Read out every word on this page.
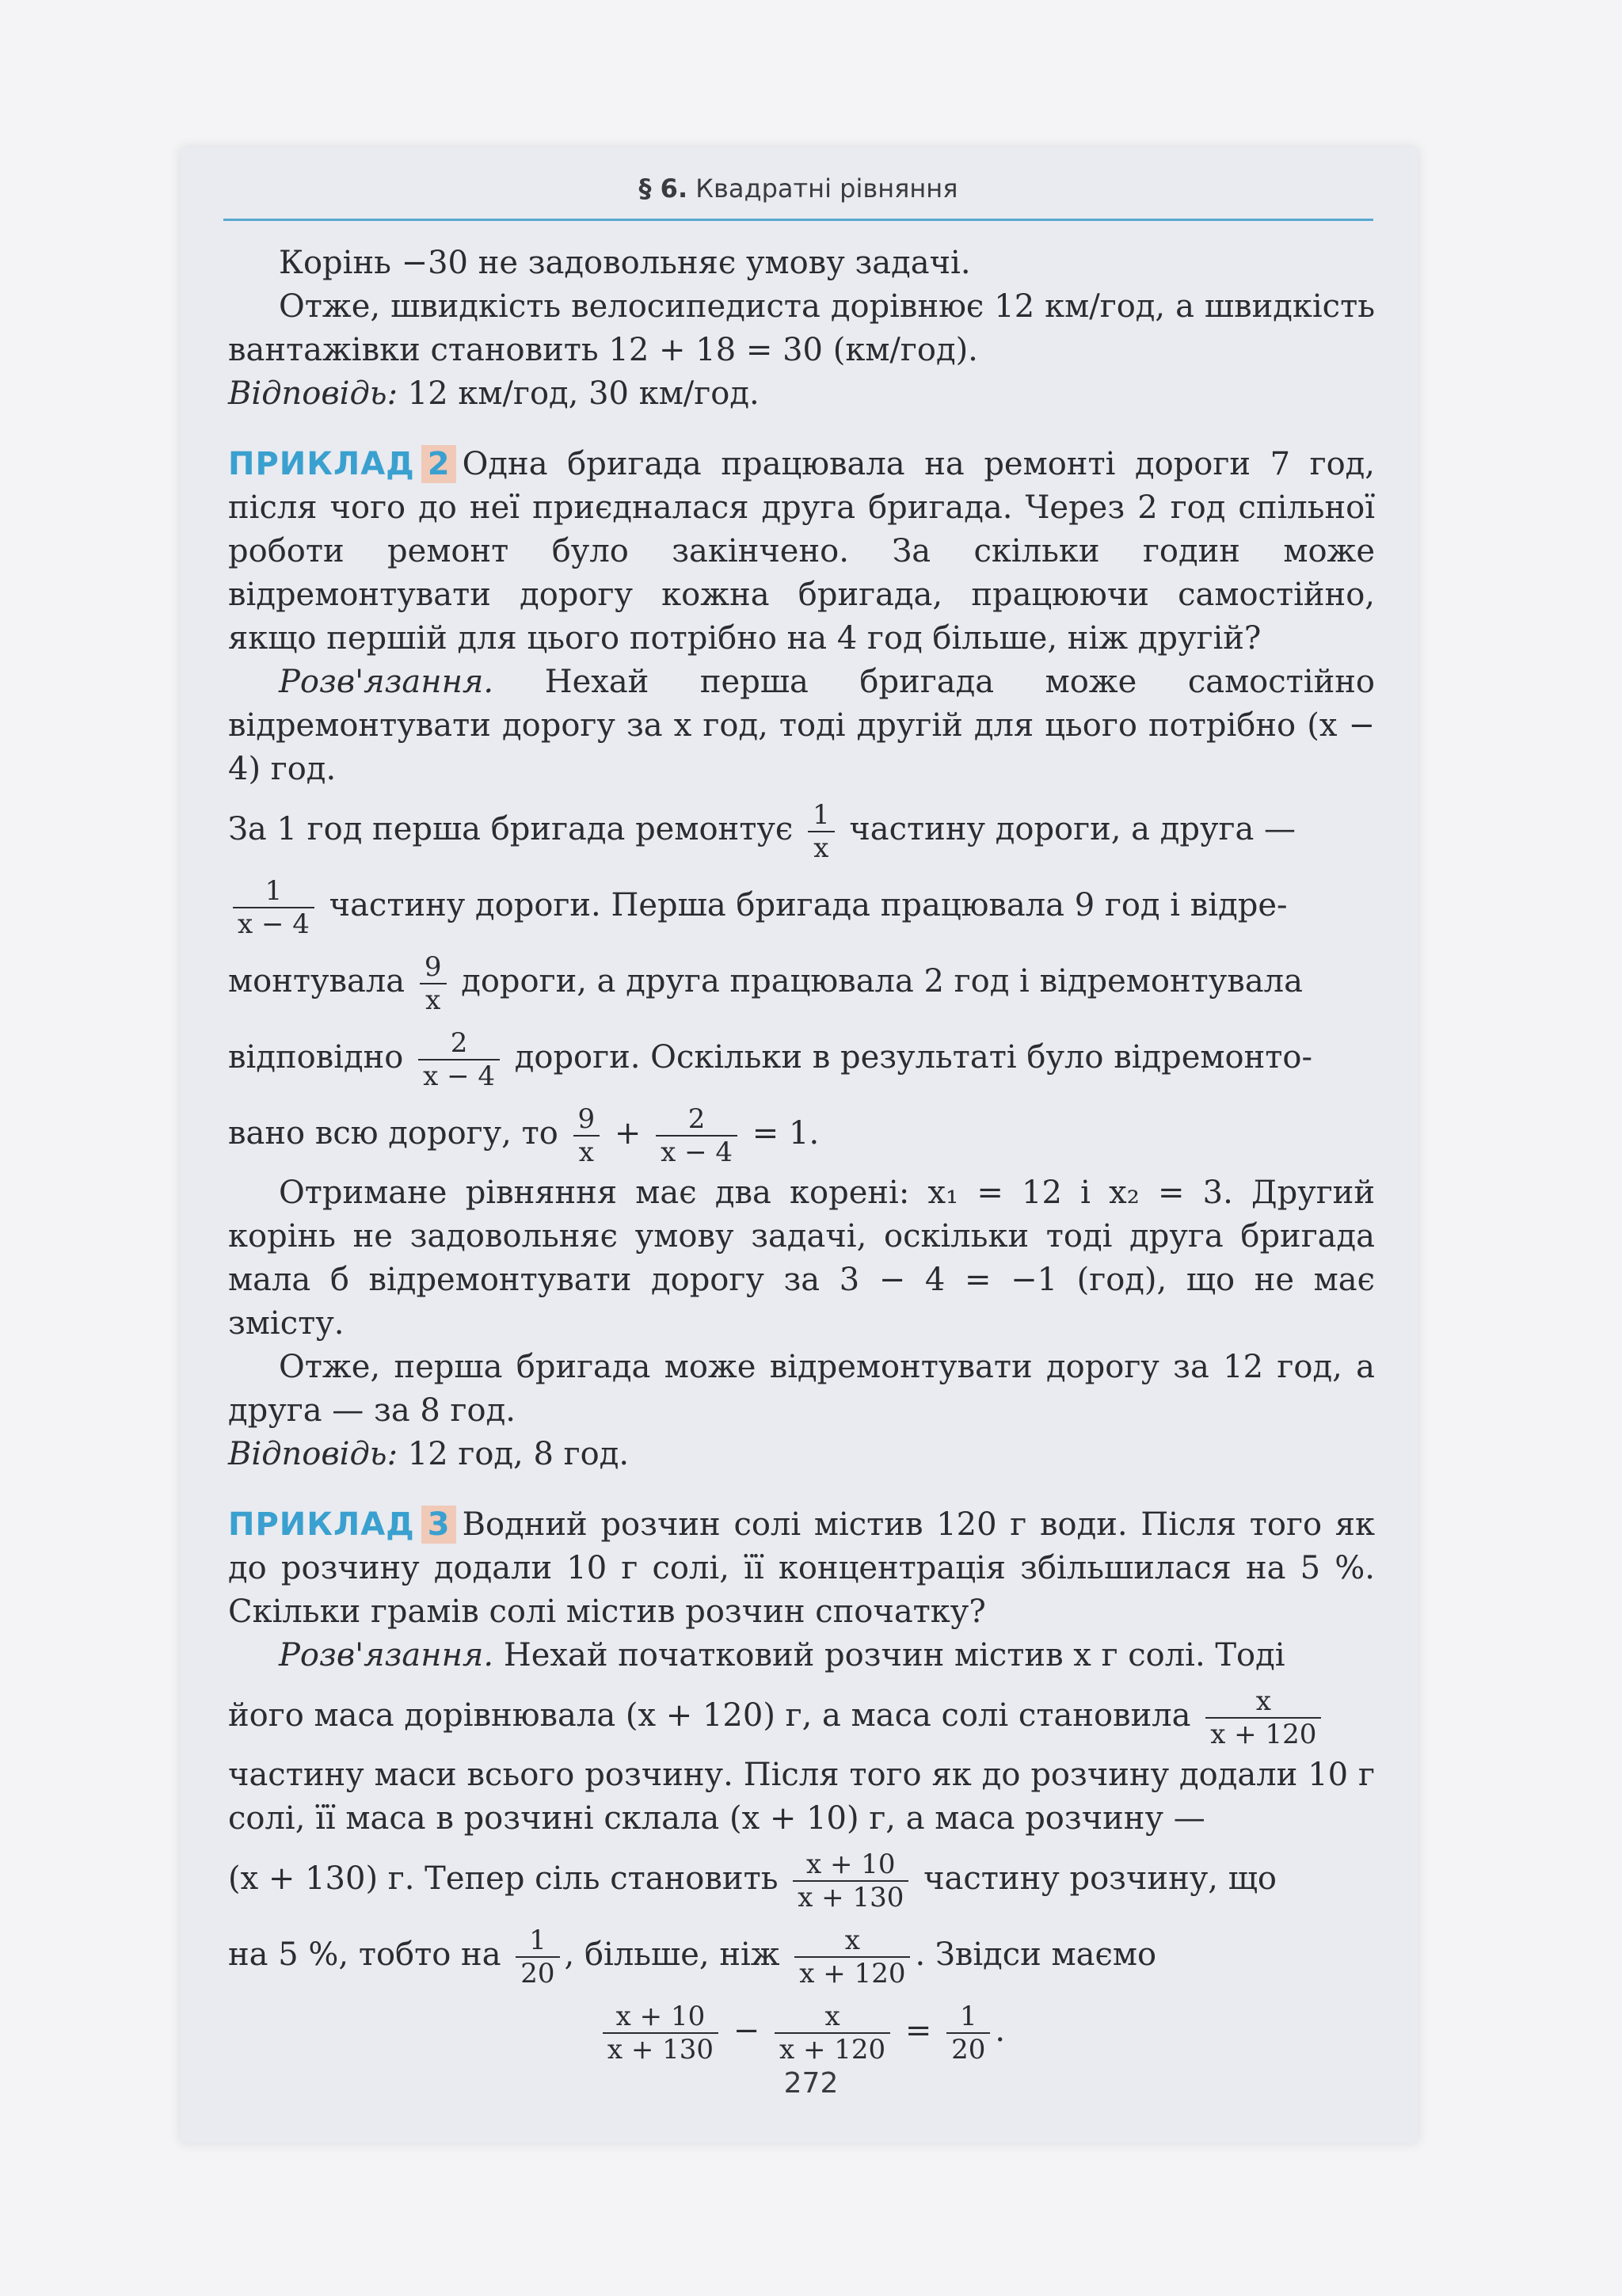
§ 6. Квадратні рівняння

Корінь −30 не задовольняє умову задачі.

Отже, швидкість велосипедиста дорівнює 12 км/год, а швидкість вантажівки становить 12 + 18 = 30 (км/год).

Відповідь: 12 км/год, 30 км/год.

ПРИКЛАД 2 Одна бригада працювала на ремонті дороги 7 год, після чого до неї приєдналася друга бригада. Через 2 год спільної роботи ремонт було закінчено. За скільки годин може відремонтувати дорогу кожна бригада, працюючи самостійно, якщо першій для цього потрібно на 4 год більше, ніж другій?

Розв'язання. Нехай перша бригада може самостійно відремонтувати дорогу за x год, тоді другій для цього потрібно (x − 4) год.

За 1 год перша бригада ремонтує $\frac{1}{x}$ частину дороги, а друга —

$\frac{1}{x - 4}$ частину дороги. Перша бригада працювала 9 год і відре-

монтувала $\frac{9}{x}$ дороги, а друга працювала 2 год і відремонтувала

відповідно $\frac{2}{x - 4}$ дороги. Оскільки в результаті було відремонто-

вано всю дорогу, то $\frac{9}{x} + \frac{2}{x - 4} = 1$.

Отримане рівняння має два корені: x₁ = 12 і x₂ = 3. Другий корінь не задовольняє умову задачі, оскільки тоді друга бригада мала б відремонтувати дорогу за 3 − 4 = −1 (год), що не має змісту.

Отже, перша бригада може відремонтувати дорогу за 12 год, а друга — за 8 год.

Відповідь: 12 год, 8 год.

ПРИКЛАД 3 Водний розчин солі містив 120 г води. Після того як до розчину додали 10 г солі, її концентрація збільшилася на 5 %. Скільки грамів солі містив розчин спочатку?

Розв'язання. Нехай початковий розчин містив x г солі. Тоді

його маса дорівнювала (x + 120) г, а маса солі становила $\frac{x}{x + 120}$

частину маси всього розчину. Після того як до розчину додали 10 г солі, її маса в розчині склала (x + 10) г, а маса розчину —

(x + 130) г. Тепер сіль становить $\frac{x + 10}{x + 130}$ частину розчину, що

на 5 %, тобто на $\frac{1}{20}$ , більше, ніж $\frac{x}{x + 120}$ . Звідси маємо

$\frac{x + 10}{x + 130} - \frac{x}{x + 120} = \frac{1}{20}$ .

272
